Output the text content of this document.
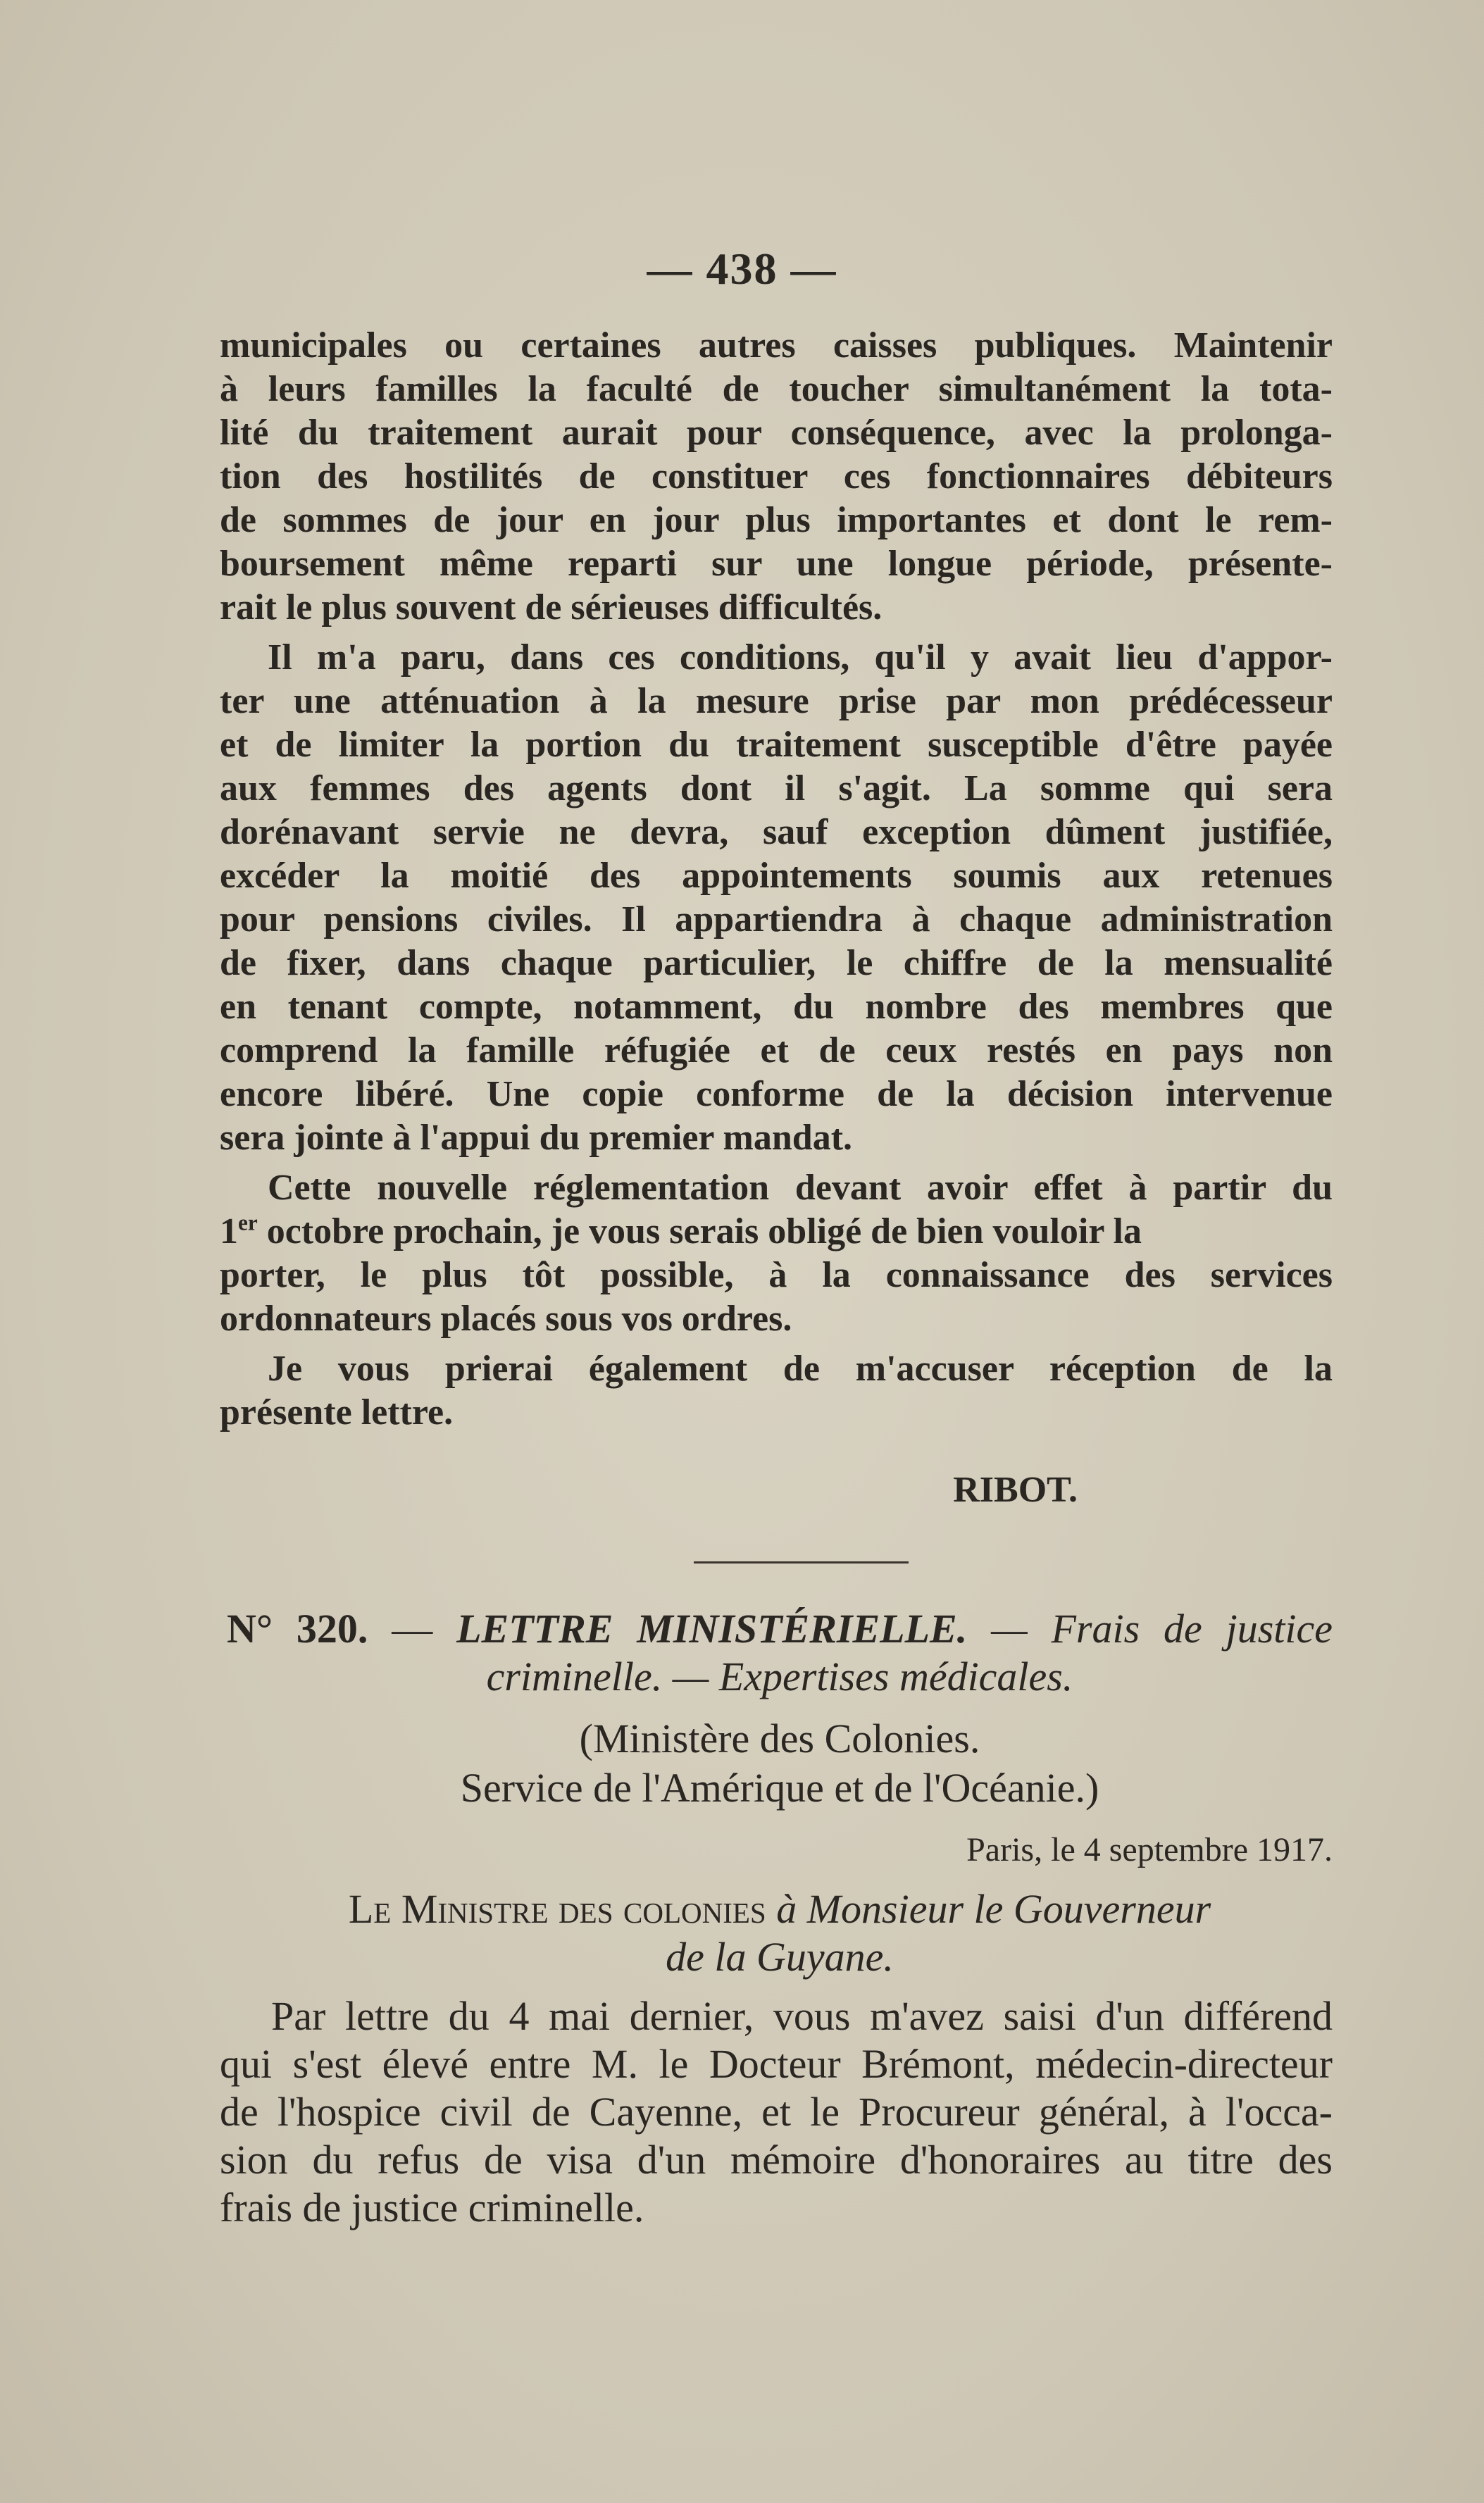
— 438 —
municipales ou certaines autres caisses publiques. Maintenir
à leurs familles la faculté de toucher simultanément la tota-
lité du traitement aurait pour conséquence, avec la prolonga-
tion des hostilités de constituer ces fonctionnaires débiteurs
de sommes de jour en jour plus importantes et dont le rem-
boursement même reparti sur une longue période, présente-
rait le plus souvent de sérieuses difficultés.
Il m'a paru, dans ces conditions, qu'il y avait lieu d'appor-
ter une atténuation à la mesure prise par mon prédécesseur
et de limiter la portion du traitement susceptible d'être payée
aux femmes des agents dont il s'agit. La somme qui sera
dorénavant servie ne devra, sauf exception dûment justifiée,
excéder la moitié des appointements soumis aux retenues
pour pensions civiles. Il appartiendra à chaque administration
de fixer, dans chaque particulier, le chiffre de la mensualité
en tenant compte, notamment, du nombre des membres que
comprend la famille réfugiée et de ceux restés en pays non
encore libéré. Une copie conforme de la décision intervenue
sera jointe à l'appui du premier mandat.
Cette nouvelle réglementation devant avoir effet à partir du
1er octobre prochain, je vous serais obligé de bien vouloir la
porter, le plus tôt possible, à la connaissance des services
ordonnateurs placés sous vos ordres.
Je vous prierai également de m'accuser réception de la
présente lettre.
RIBOT.
N° 320. — LETTRE MINISTÉRIELLE. — Frais de justice
criminelle. — Expertises médicales.
(Ministère des Colonies.
Service de l'Amérique et de l'Océanie.)
Paris, le 4 septembre 1917.
Le Ministre des colonies à Monsieur le Gouverneur
de la Guyane.
Par lettre du 4 mai dernier, vous m'avez saisi d'un différend
qui s'est élevé entre M. le Docteur Brémont, médecin-directeur
de l'hospice civil de Cayenne, et le Procureur général, à l'occa-
sion du refus de visa d'un mémoire d'honoraires au titre des
frais de justice criminelle.
